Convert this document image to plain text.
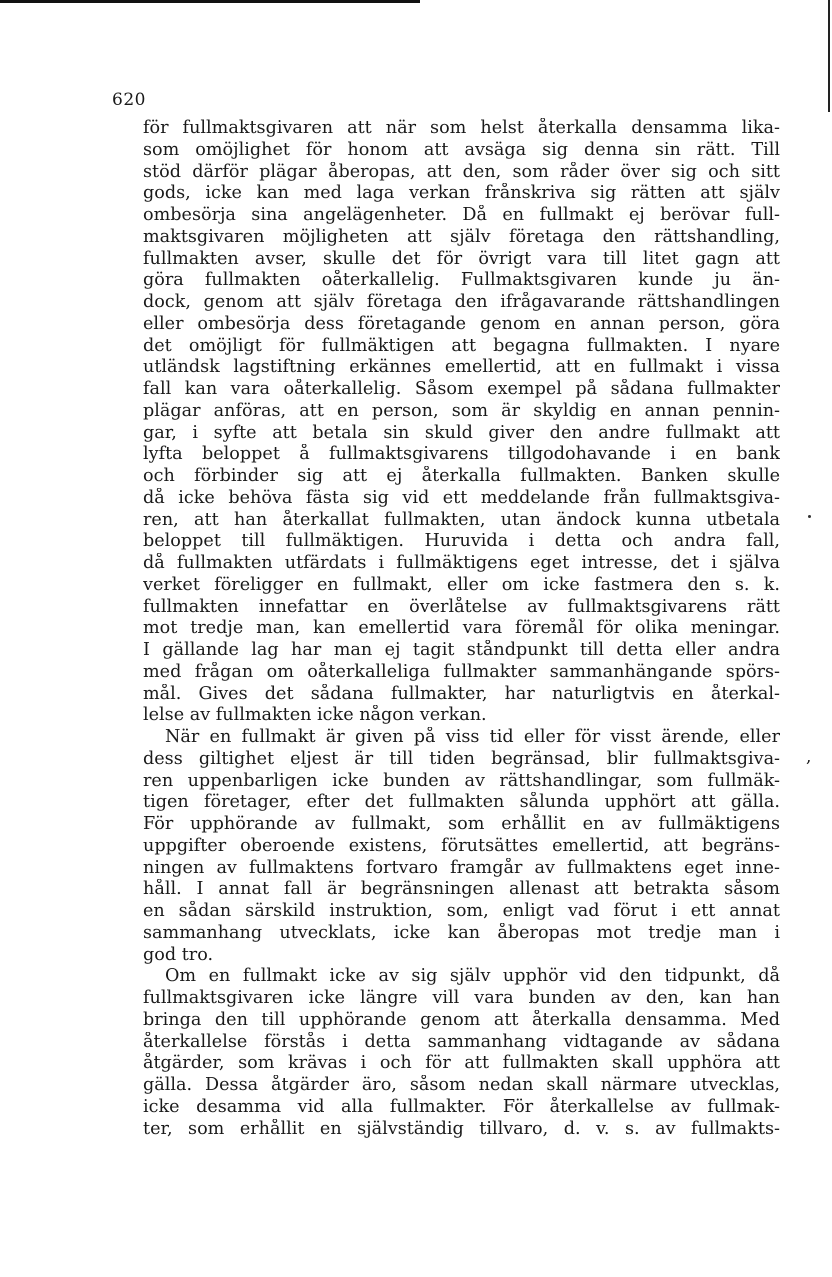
620
för fullmaktsgivaren att när som helst återkalla densamma lika-
som omöjlighet för honom att avsäga sig denna sin rätt. Till
stöd därför plägar åberopas, att den, som råder över sig och sitt
gods, icke kan med laga verkan frånskriva sig rätten att själv
ombesörja sina angelägenheter. Då en fullmakt ej berövar full-
maktsgivaren möjligheten att själv företaga den rättshandling,
fullmakten avser, skulle det för övrigt vara till litet gagn att
göra fullmakten oåterkallelig. Fullmaktsgivaren kunde ju än-
dock, genom att själv företaga den ifrågavarande rättshandlingen
eller ombesörja dess företagande genom en annan person, göra
det omöjligt för fullmäktigen att begagna fullmakten. I nyare
utländsk lagstiftning erkännes emellertid, att en fullmakt i vissa
fall kan vara oåterkallelig. Såsom exempel på sådana fullmakter
plägar anföras, att en person, som är skyldig en annan pennin-
gar, i syfte att betala sin skuld giver den andre fullmakt att
lyfta beloppet å fullmaktsgivarens tillgodohavande i en bank
och förbinder sig att ej återkalla fullmakten. Banken skulle
då icke behöva fästa sig vid ett meddelande från fullmaktsgiva-
ren, att han återkallat fullmakten, utan ändock kunna utbetala
beloppet till fullmäktigen. Huruvida i detta och andra fall,
då fullmakten utfärdats i fullmäktigens eget intresse, det i själva
verket föreligger en fullmakt, eller om icke fastmera den s. k.
fullmakten innefattar en överlåtelse av fullmaktsgivarens rätt
mot tredje man, kan emellertid vara föremål för olika meningar.
I gällande lag har man ej tagit ståndpunkt till detta eller andra
med frågan om oåterkalleliga fullmakter sammanhängande spörs-
mål. Gives det sådana fullmakter, har naturligtvis en återkal-
lelse av fullmakten icke någon verkan.
När en fullmakt är given på viss tid eller för visst ärende, eller
dess giltighet eljest är till tiden begränsad, blir fullmaktsgiva-
ren uppenbarligen icke bunden av rättshandlingar, som fullmäk-
tigen företager, efter det fullmakten sålunda upphört att gälla.
För upphörande av fullmakt, som erhållit en av fullmäktigens
uppgifter oberoende existens, förutsättes emellertid, att begräns-
ningen av fullmaktens fortvaro framgår av fullmaktens eget inne-
håll. I annat fall är begränsningen allenast att betrakta såsom
en sådan särskild instruktion, som, enligt vad förut i ett annat
sammanhang utvecklats, icke kan åberopas mot tredje man i
god tro.
Om en fullmakt icke av sig själv upphör vid den tidpunkt, då
fullmaktsgivaren icke längre vill vara bunden av den, kan han
bringa den till upphörande genom att återkalla densamma. Med
återkallelse förstås i detta sammanhang vidtagande av sådana
åtgärder, som krävas i och för att fullmakten skall upphöra att
gälla. Dessa åtgärder äro, såsom nedan skall närmare utvecklas,
icke desamma vid alla fullmakter. För återkallelse av fullmak-
ter, som erhållit en självständig tillvaro, d. v. s. av fullmakts-
,
